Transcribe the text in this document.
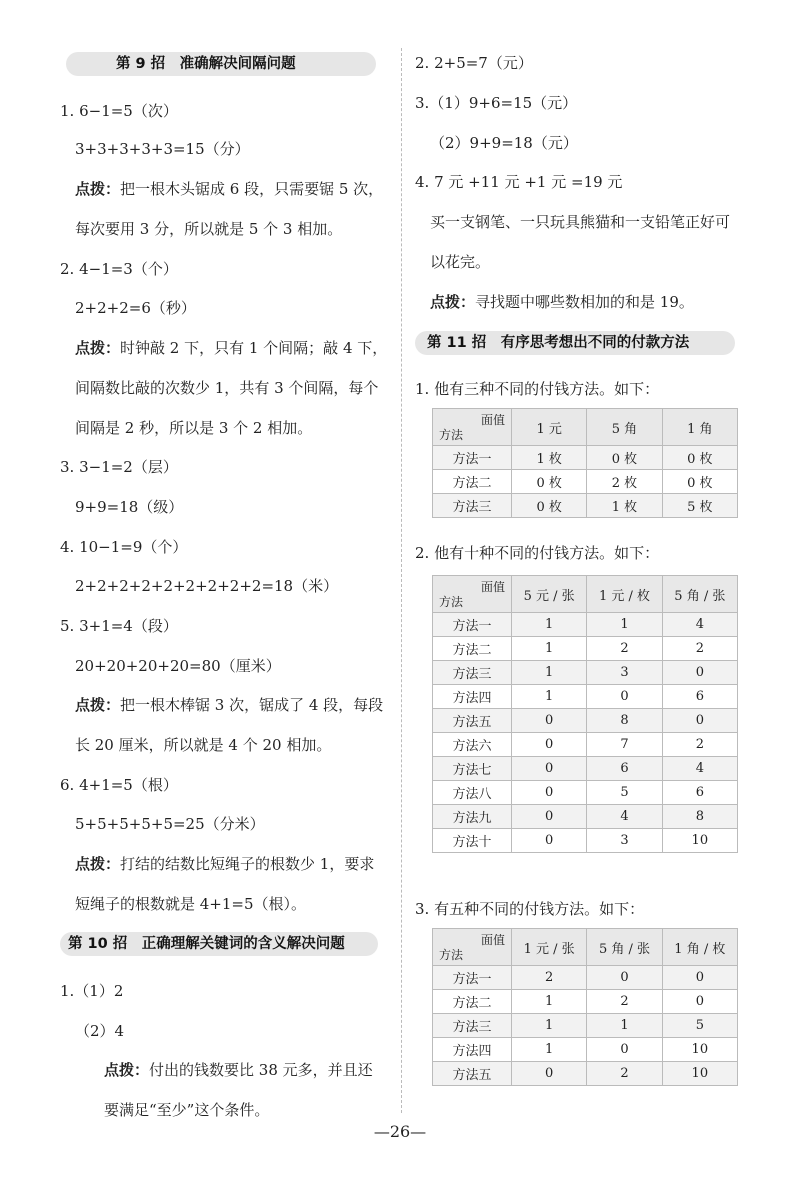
第 9 招　准确解决间隔问题
1. 6−1=5（次）
3+3+3+3+3=15（分）
点拨：把一根木头锯成 6 段，只需要锯 5 次，
每次要用 3 分，所以就是 5 个 3 相加。
2. 4−1=3（个）
2+2+2=6（秒）
点拨：时钟敲 2 下，只有 1 个间隔；敲 4 下，
间隔数比敲的次数少 1，共有 3 个间隔，每个
间隔是 2 秒，所以是 3 个 2 相加。
3. 3−1=2（层）
9+9=18（级）
4. 10−1=9（个）
2+2+2+2+2+2+2+2+2=18（米）
5. 3+1=4（段）
20+20+20+20=80（厘米）
点拨：把一根木棒锯 3 次，锯成了 4 段，每段
长 20 厘米，所以就是 4 个 20 相加。
6. 4+1=5（根）
5+5+5+5+5=25（分米）
点拨：打结的结数比短绳子的根数少 1，要求
短绳子的根数就是 4+1=5（根）。
第 10 招　正确理解关键词的含义解决问题
1.（1）2
（2）4
点拨：付出的钱数要比 38 元多，并且还
要满足“至少”这个条件。
2. 2+5=7（元）
3.（1）9+6=15（元）
（2）9+9=18（元）
4. 7 元 +11 元 +1 元 =19 元
买一支钢笔、一只玩具熊猫和一支铅笔正好可
以花完。
点拨：寻找题中哪些数相加的和是 19。
第 11 招　有序思考想出不同的付款方法
1. 他有三种不同的付钱方法。如下：
面值
方法	1 元	5 角	1 角
方法一	1 枚	0 枚	0 枚
方法二	0 枚	2 枚	0 枚
方法三	0 枚	1 枚	5 枚
2. 他有十种不同的付钱方法。如下：
面值
方法	5 元 / 张	1 元 / 枚	5 角 / 张
方法一	1	1	4
方法二	1	2	2
方法三	1	3	0
方法四	1	0	6
方法五	0	8	0
方法六	0	7	2
方法七	0	6	4
方法八	0	5	6
方法九	0	4	8
方法十	0	3	10
3. 有五种不同的付钱方法。如下：
面值
方法	1 元 / 张	5 角 / 张	1 角 / 枚
方法一	2	0	0
方法二	1	2	0
方法三	1	1	5
方法四	1	0	10
方法五	0	2	10
—26—
